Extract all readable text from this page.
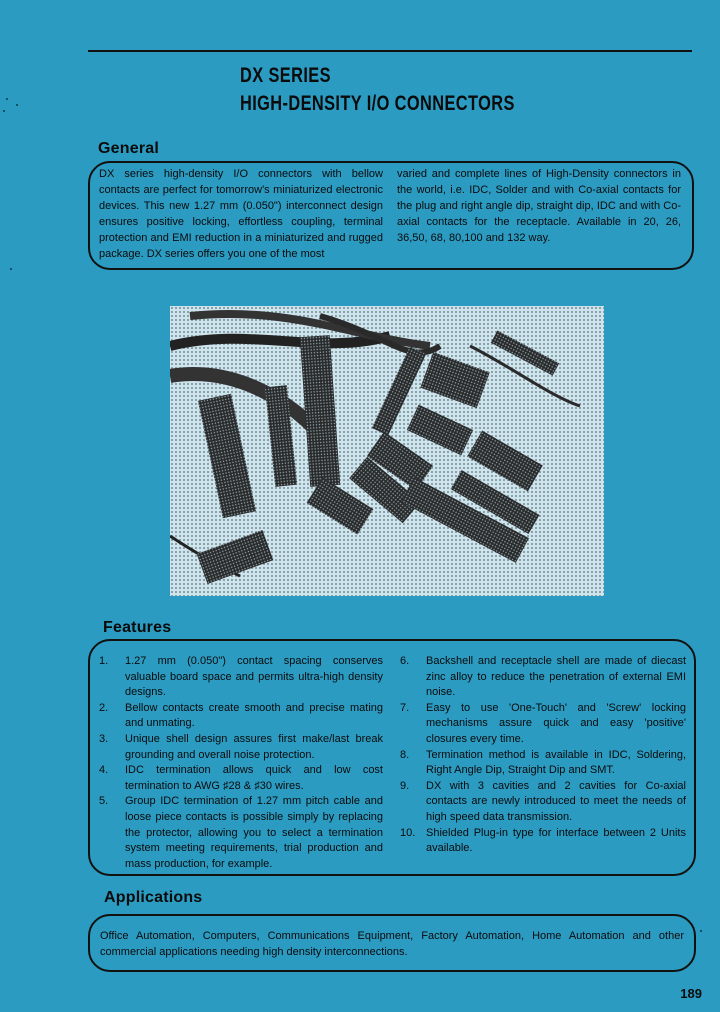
DX SERIES
HIGH-DENSITY I/O CONNECTORS
General
DX series high-density I/O connectors with bellow contacts are perfect for tomorrow's miniaturized electronic devices. This new 1.27 mm (0.050") interconnect design ensures positive locking, effortless coupling, terminal protection and EMI reduction in a miniaturized and rugged package. DX series offers you one of the most
varied and complete lines of High-Density connectors in the world, i.e. IDC, Solder and with Co-axial contacts for the plug and right angle dip, straight dip, IDC and with Co-axial contacts for the receptacle. Available in 20, 26, 36,50, 68, 80,100 and 132 way.
Features
1.	1.27 mm (0.050") contact spacing conserves valuable board space and permits ultra-high density designs.
2.	Bellow contacts create smooth and precise mating and unmating.
3.	Unique shell design assures first make/last break grounding and overall noise protection.
4.	IDC termination allows quick and low cost termination to AWG ♯28 & ♯30 wires.
5.	Group IDC termination of 1.27 mm pitch cable and loose piece contacts is possible simply by replacing the protector, allowing you to select a termination system meeting requirements, trial production and mass production, for example.
6.	Backshell and receptacle shell are made of diecast zinc alloy to reduce the penetration of external EMI noise.
7.	Easy to use 'One-Touch' and 'Screw' locking mechanisms assure quick and easy 'positive' closures every time.
8.	Termination method is available in IDC, Soldering, Right Angle Dip, Straight Dip and SMT.
9.	DX with 3 cavities and 2 cavities for Co-axial contacts are newly introduced to meet the needs of high speed data transmission.
10. Shielded Plug-in type for interface between 2 Units available.
Applications
Office Automation, Computers, Communications Equipment, Factory Automation, Home Automation and other commercial applications needing high density interconnections.
189
